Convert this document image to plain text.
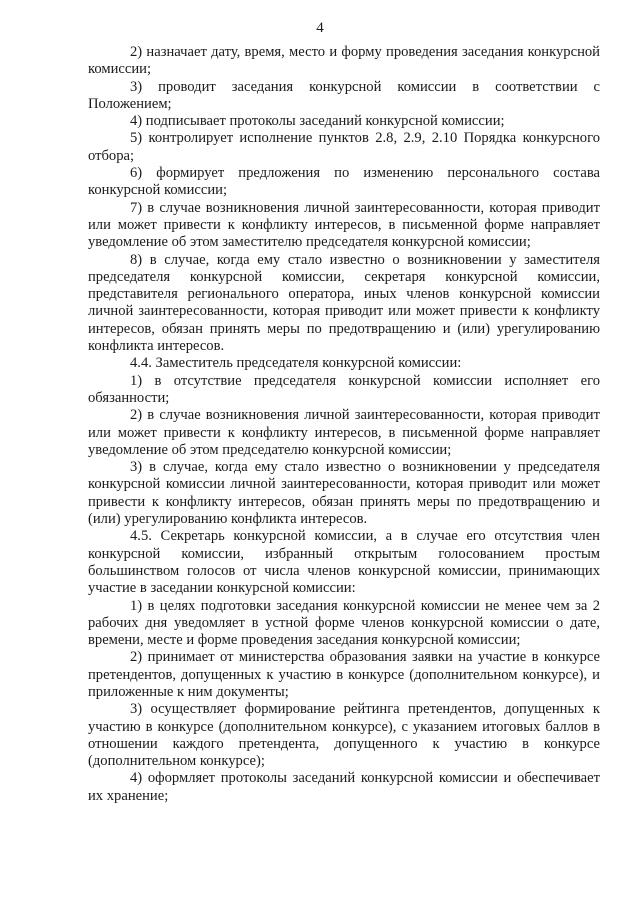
4

2) назначает дату, время, место и форму проведения заседания конкурсной комиссии;

3) проводит заседания конкурсной комиссии в соответствии с Положением;

4) подписывает протоколы заседаний конкурсной комиссии;

5) контролирует исполнение пунктов 2.8, 2.9, 2.10 Порядка конкурсного отбора;

6) формирует предложения по изменению персонального состава конкурсной комиссии;

7) в случае возникновения личной заинтересованности, которая приводит или может привести к конфликту интересов, в письменной форме направляет уведомление об этом заместителю председателя конкурсной комиссии;

8) в случае, когда ему стало известно о возникновении у заместителя председателя конкурсной комиссии, секретаря конкурсной комиссии, представителя регионального оператора, иных членов конкурсной комиссии личной заинтересованности, которая приводит или может привести к конфликту интересов, обязан принять меры по предотвращению и (или) урегулированию конфликта интересов.

4.4. Заместитель председателя конкурсной комиссии:

1) в отсутствие председателя конкурсной комиссии исполняет его обязанности;

2) в случае возникновения личной заинтересованности, которая приводит или может привести к конфликту интересов, в письменной форме направляет уведомление об этом председателю конкурсной комиссии;

3) в случае, когда ему стало известно о возникновении у председателя конкурсной комиссии личной заинтересованности, которая приводит или может привести к конфликту интересов, обязан принять меры по предотвращению и (или) урегулированию конфликта интересов.

4.5. Секретарь конкурсной комиссии, а в случае его отсутствия член конкурсной комиссии, избранный открытым голосованием простым большинством голосов от числа членов конкурсной комиссии, принимающих участие в заседании конкурсной комиссии:

1) в целях подготовки заседания конкурсной комиссии не менее чем за 2 рабочих дня уведомляет в устной форме членов конкурсной комиссии о дате, времени, месте и форме проведения заседания конкурсной комиссии;

2) принимает от министерства образования заявки на участие в конкурсе претендентов, допущенных к участию в конкурсе (дополнительном конкурсе), и приложенные к ним документы;

3) осуществляет формирование рейтинга претендентов, допущенных к участию в конкурсе (дополнительном конкурсе), с указанием итоговых баллов в отношении каждого претендента, допущенного к участию в конкурсе (дополнительном конкурсе);

4) оформляет протоколы заседаний конкурсной комиссии и обеспечивает их хранение;
